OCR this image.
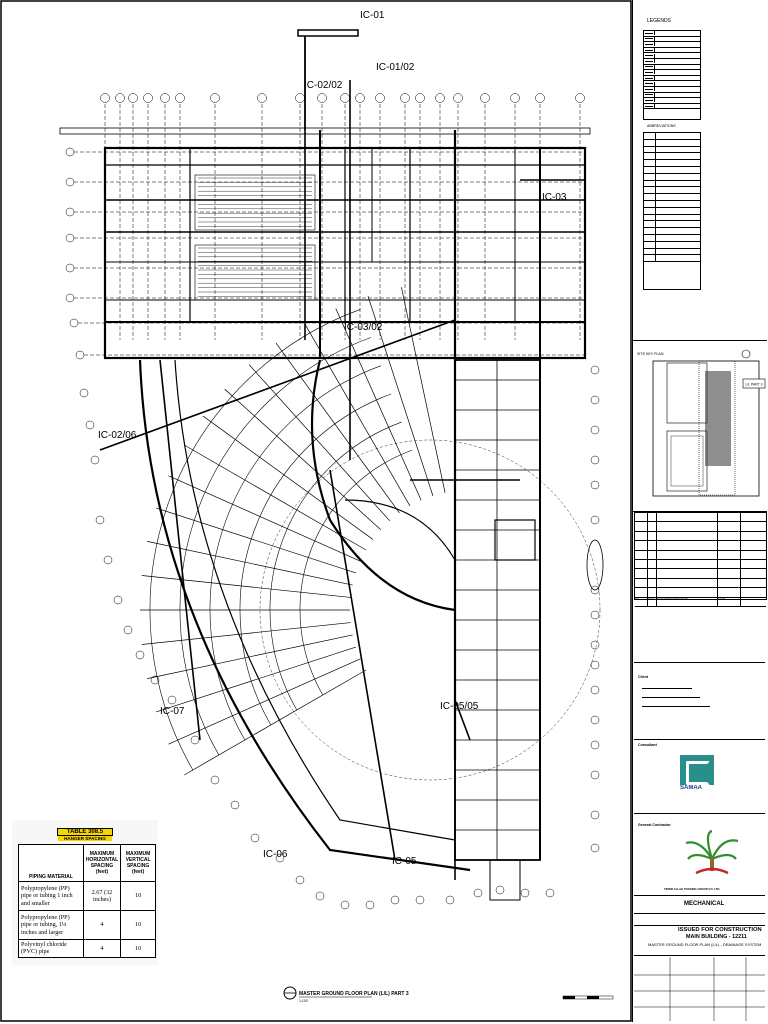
IC-01
IC-01/02
IC-02/02
IC-03/02
IC-03
IC-02/06
IC-07
IC-06
IC-05
IC-05/05
MASTER GROUND FLOOR PLAN (L/L) PART 3
1:100
TABLE 308.5
HANGER SPACING
PIPING MATERIAL	MAXIMUM HORIZONTAL SPACING (feet)	MAXIMUM VERTICAL SPACING (feet)
Polypropylene (PP) pipe or tubing 1 inch and smaller	2.67 (32 inches)	10
Polypropylene (PP) pipe or tubing, 1¼ inches and larger	4	10
Polyvinyl chloride (PVC) pipe	4	10
LEGENDS
ABBREVIATIONS
SITE KEY PLAN
L/L PART 3
NO.	DATE DESCRIPTION/REVISION	NAME
Client
Consultant
SAMAA
General Contractor
TIMOR ALLAH TRADING GROUP CO. LTD.
MECHANICAL
ISSUED FOR CONSTRUCTION
MAIN BUILDING - 12211
MASTER GROUND FLOOR PLAN (L/L) - DRAINAGE SYSTEM
